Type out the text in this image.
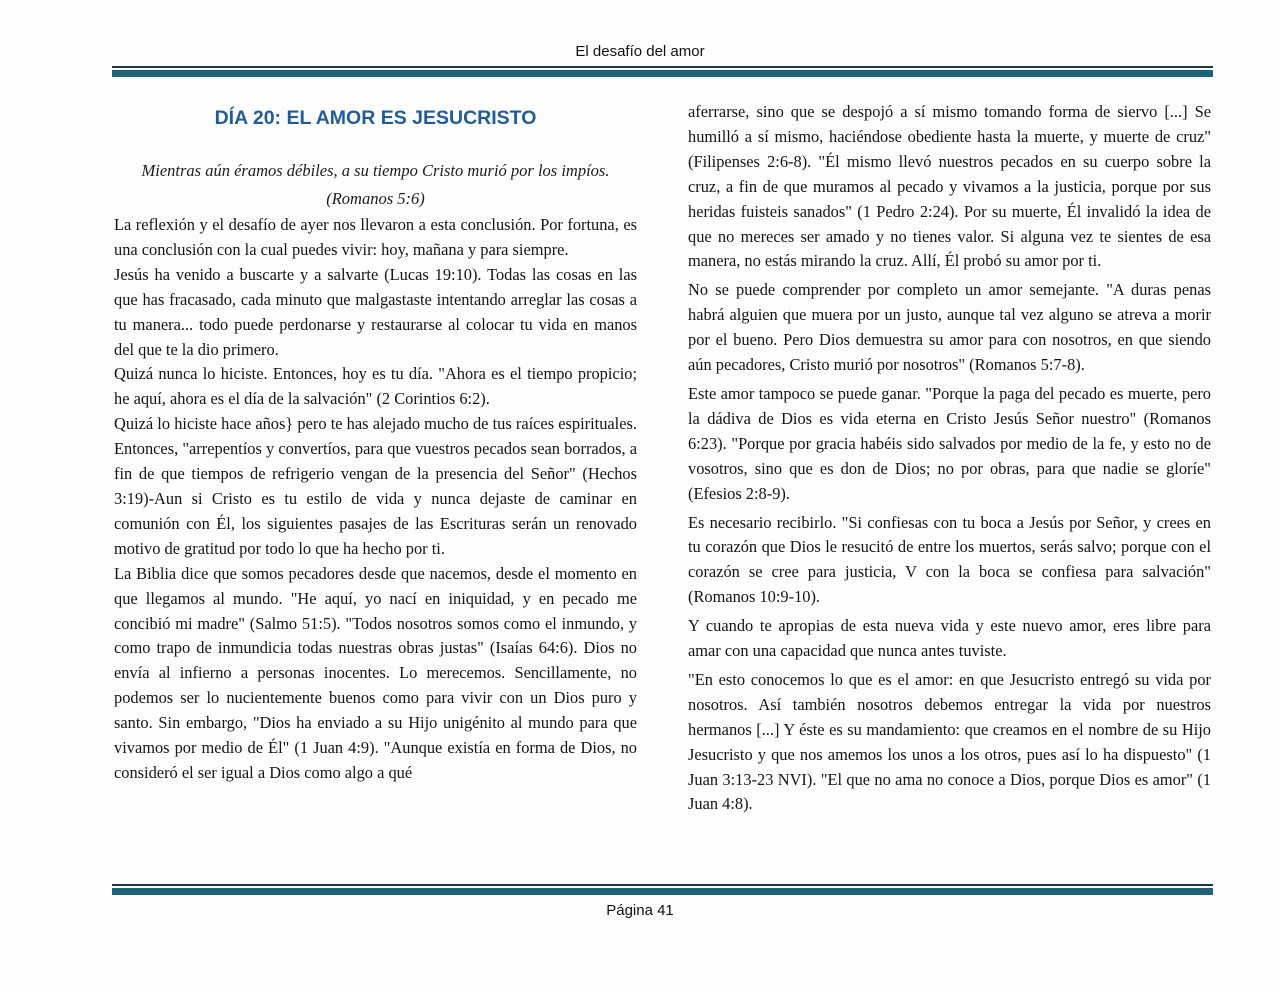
El desafío del amor
DÍA 20: EL AMOR ES JESUCRISTO

Mientras aún éramos débiles, a su tiempo Cristo murió por los impíos. (Romanos 5:6)

La reflexión y el desafío de ayer nos llevaron a esta conclusión. Por fortuna, es una conclusión con la cual puedes vivir: hoy, mañana y para siempre.

Jesús ha venido a buscarte y a salvarte (Lucas 19:10). Todas las cosas en las que has fracasado, cada minuto que malgastaste intentando arreglar las cosas a tu manera... todo puede perdonarse y restaurarse al colocar tu vida en manos del que te la dio primero.

Quizá nunca lo hiciste. Entonces, hoy es tu día. "Ahora es el tiempo propicio; he aquí, ahora es el día de la salvación" (2 Corintios 6:2).

Quizá lo hiciste hace años} pero te has alejado mucho de tus raíces espirituales. Entonces, "arrepentíos y convertíos, para que vuestros pecados sean borrados, a fin de que tiempos de refrigerio vengan de la presencia del Señor" (Hechos 3:19)-Aun si Cristo es tu estilo de vida y nunca dejaste de caminar en comunión con Él, los siguientes pasajes de las Escrituras serán un renovado motivo de gratitud por todo lo que ha hecho por ti.

La Biblia dice que somos pecadores desde que nacemos, desde el momento en que llegamos al mundo. "He aquí, yo nací en iniquidad, y en pecado me concibió mi madre" (Salmo 51:5). "Todos nosotros somos como el inmundo, y como trapo de inmundicia todas nuestras obras justas" (Isaías 64:6). Dios no envía al infierno a personas inocentes. Lo merecemos. Sencillamente, no podemos ser lo nucientemente buenos como para vivir con un Dios puro y santo. Sin embargo, "Dios ha enviado a su Hijo unigénito al mundo para que vivamos por medio de Él" (1 Juan 4:9). "Aunque existía en forma de Dios, no consideró el ser igual a Dios como algo a qué

aferrarse, sino que se despojó a sí mismo tomando forma de siervo [...] Se humilló a sí mismo, haciéndose obediente hasta la muerte, y muerte de cruz" (Filipenses 2:6-8). "Él mismo llevó nuestros pecados en su cuerpo sobre la cruz, a fin de que muramos al pecado y vivamos a la justicia, porque por sus heridas fuisteis sanados" (1 Pedro 2:24). Por su muerte, Él invalidó la idea de que no mereces ser amado y no tienes valor. Si alguna vez te sientes de esa manera, no estás mirando la cruz. Allí, Él probó su amor por ti.

No se puede comprender por completo un amor semejante. "A duras penas habrá alguien que muera por un justo, aunque tal vez alguno se atreva a morir por el bueno. Pero Dios demuestra su amor para con nosotros, en que siendo aún pecadores, Cristo murió por nosotros" (Romanos 5:7-8).

Este amor tampoco se puede ganar. "Porque la paga del pecado es muerte, pero la dádiva de Dios es vida eterna en Cristo Jesús Señor nuestro" (Romanos 6:23). "Porque por gracia habéis sido salvados por medio de la fe, y esto no de vosotros, sino que es don de Dios; no por obras, para que nadie se gloríe" (Efesios 2:8-9).

Es necesario recibirlo. "Si confiesas con tu boca a Jesús por Señor, y crees en tu corazón que Dios le resucitó de entre los muertos, serás salvo; porque con el corazón se cree para justicia, V con la boca se confiesa para salvación" (Romanos 10:9-10).

Y cuando te apropias de esta nueva vida y este nuevo amor, eres libre para amar con una capacidad que nunca antes tuviste.

"En esto conocemos lo que es el amor: en que Jesucristo entregó su vida por nosotros. Así también nosotros debemos entregar la vida por nuestros hermanos [...] Y éste es su mandamiento: que creamos en el nombre de su Hijo Jesucristo y que nos amemos los unos a los otros, pues así lo ha dispuesto" (1 Juan 3:13-23 NVI). "El que no ama no conoce a Dios, porque Dios es amor" (1 Juan 4:8).

Página 41
